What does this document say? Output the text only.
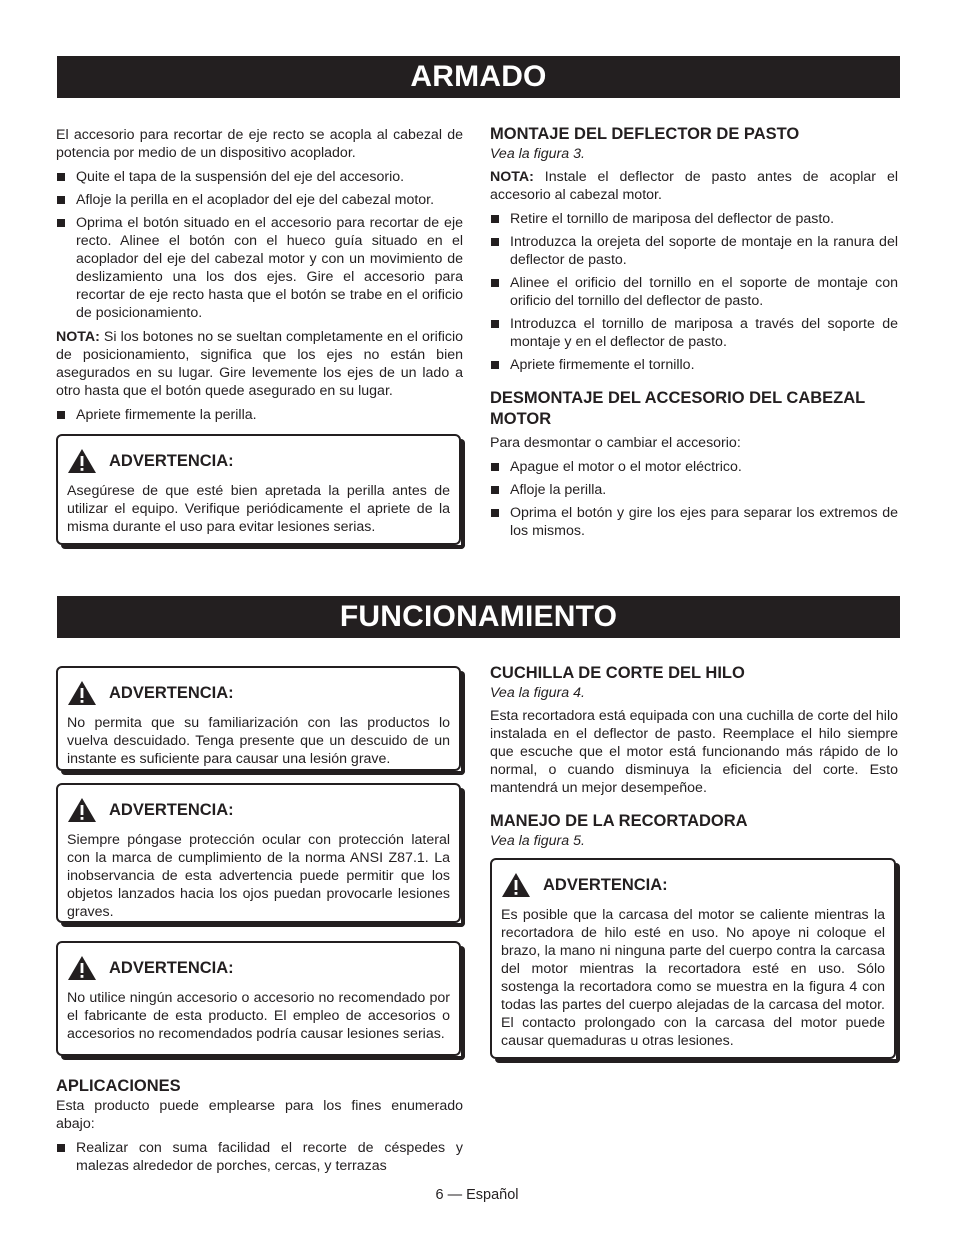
ARMADO

El accesorio para recortar de eje recto se acopla al cabezal de potencia por medio de un dispositivo acoplador.

Quite el tapa de la suspensión del eje del accesorio.
Afloje la perilla en el acoplador del eje del cabezal motor.
Oprima el botón situado en el accesorio para recortar de eje recto. Alinee el botón con el hueco guía situado en el acoplador del eje del cabezal motor y con un movimiento de deslizamiento una los dos ejes. Gire el accesorio para recortar de eje recto hasta que el botón se trabe en el orificio de posicionamiento.

NOTA: Si los botones no se sueltan completamente en el orificio de posicionamiento, significa que los ejes no están bien asegurados en su lugar. Gire levemente los ejes de un lado a otro hasta que el botón quede asegurado en su lugar.

Apriete firmemente la perilla.
ADVERTENCIA:

Asegúrese de que esté bien apretada la perilla antes de utilizar el equipo. Verifique periódicamente el apriete de la misma durante el uso para evitar lesiones serias.

MONTAJE DEL DEFLECTOR DE PASTO
Vea la figura 3.

NOTA: Instale el deflector de pasto antes de acoplar el accesorio al cabezal motor.

Retire el tornillo de mariposa del deflector de pasto.
Introduzca la orejeta del soporte de montaje en la ranura del deflector de pasto.
Alinee el orificio del tornillo en el soporte de montaje con orificio del tornillo del deflector de pasto.
Introduzca el tornillo de mariposa a través del soporte de montaje y en el deflector de pasto.
Apriete firmemente el tornillo.
DESMONTAJE DEL ACCESORIO DEL CABEZAL MOTOR

Para desmontar o cambiar el accesorio:

Apague el motor o el motor eléctrico.
Afloje la perilla.
Oprima el botón y gire los ejes para separar los extremos de los mismos.
FUNCIONAMIENTO
ADVERTENCIA:

No permita que su familiarización con las productos lo vuelva descuidado. Tenga presente que un descuido de un instante es suficiente para causar una lesión grave.

ADVERTENCIA:

Siempre póngase protección ocular con protección lateral con la marca de cumplimiento de la norma ANSI Z87.1. La inobservancia de esta advertencia puede permitir que los objetos lanzados hacia los ojos puedan provocarle lesiones graves.

ADVERTENCIA:

No utilice ningún accesorio o accesorio no recomendado por el fabricante de esta producto. El empleo de accesorios o accesorios no recomendados podría causar lesiones serias.

APLICACIONES

Esta producto puede emplearse para los fines enumerado abajo:

Realizar con suma facilidad el recorte de céspedes y malezas alrededor de porches, cercas, y terrazas
CUCHILLA DE CORTE DEL HILO
Vea la figura 4.

Esta recortadora está equipada con una cuchilla de corte del hilo instalada en el deflector de pasto. Reemplace el hilo siempre que escuche que el motor está funcionando más rápido de lo normal, o cuando disminuya la eficiencia del corte. Esto mantendrá un mejor desempeñoe.

MANEJO DE LA RECORTADORA
Vea la figura 5.
ADVERTENCIA:

Es posible que la carcasa del motor se caliente mientras la recortadora de hilo esté en uso. No apoye ni coloque el brazo, la mano ni ninguna parte del cuerpo contra la carcasa del motor mientras la recortadora esté en uso. Sólo sostenga la recortadora como se muestra en la figura 4 con todas las partes del cuerpo alejadas de la carcasa del motor. El contacto prolongado con la carcasa del motor puede causar quemaduras u otras lesiones.

6 — Español
